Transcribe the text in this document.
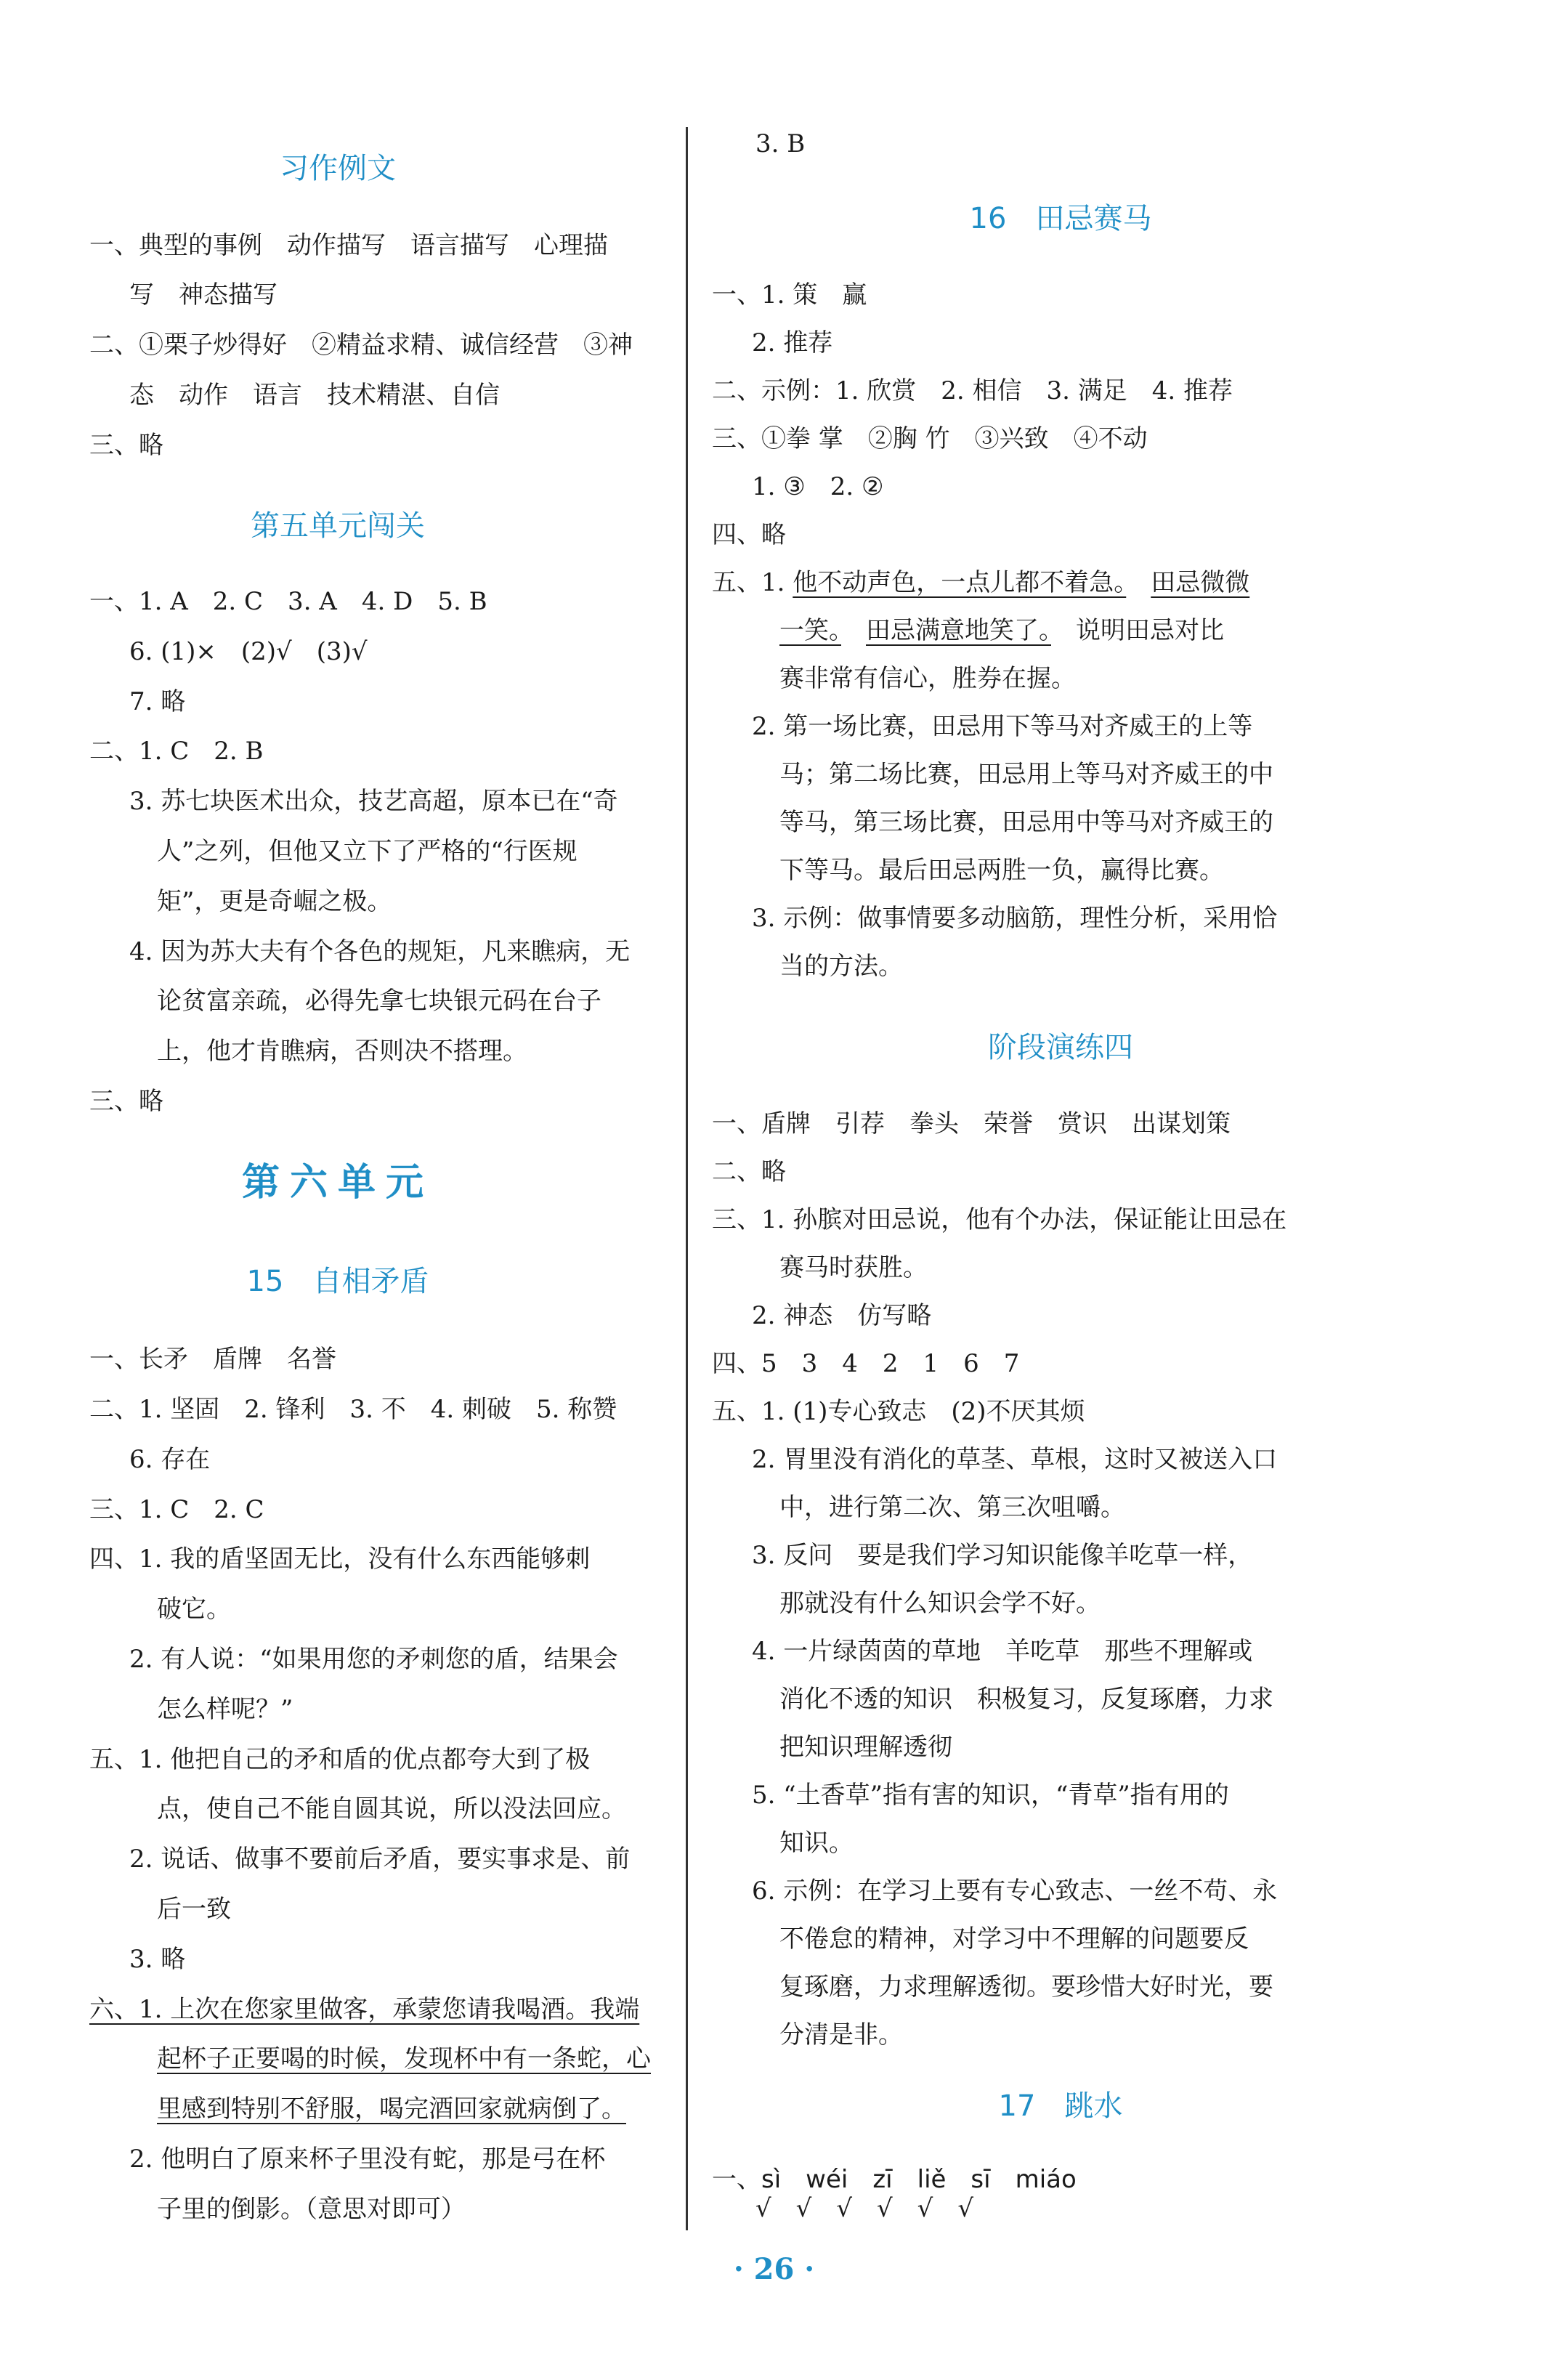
习作例文
一、典型的事例　动作描写　语言描写　心理描
写　神态描写
二、①栗子炒得好　②精益求精、诚信经营　③神
态　动作　语言　技术精湛、自信
三、略
第五单元闯关
一、1. A　2. C　3. A　4. D　5. B
6. (1)×　(2)√　(3)√
7. 略
二、1. C　2. B
3. 苏七块医术出众，技艺高超，原本已在“奇
人”之列，但他又立下了严格的“行医规
矩”，更是奇崛之极。
4. 因为苏大夫有个各色的规矩，凡来瞧病，无
论贫富亲疏，必得先拿七块银元码在台子
上，他才肯瞧病，否则决不搭理。
三、略
第六单元
15　自相矛盾
一、长矛　盾牌　名誉
二、1. 坚固　2. 锋利　3. 不　4. 刺破　5. 称赞
6. 存在
三、1. C　2. C
四、1. 我的盾坚固无比，没有什么东西能够刺
破它。
2. 有人说：“如果用您的矛刺您的盾，结果会
怎么样呢？”
五、1. 他把自己的矛和盾的优点都夸大到了极
点，使自己不能自圆其说，所以没法回应。
2. 说话、做事不要前后矛盾，要实事求是、前
后一致
3. 略
六、1. 上次在您家里做客，承蒙您请我喝酒。我端
起杯子正要喝的时候，发现杯中有一条蛇，心
里感到特别不舒服，喝完酒回家就病倒了。
2. 他明白了原来杯子里没有蛇，那是弓在杯
子里的倒影。（意思对即可）
3. B
16　田忌赛马
一、1. 策　赢
2. 推荐
二、示例：1. 欣赏　2. 相信　3. 满足　4. 推荐
三、①拳 掌　②胸 竹　③兴致　④不动
1. ③　2. ②
四、略
五、1. 他不动声色，一点儿都不着急。　 田忌微微
一笑。　 田忌满意地笑了。　说明田忌对比
赛非常有信心，胜券在握。
2. 第一场比赛，田忌用下等马对齐威王的上等
马；第二场比赛，田忌用上等马对齐威王的中
等马，第三场比赛，田忌用中等马对齐威王的
下等马。最后田忌两胜一负，赢得比赛。
3. 示例：做事情要多动脑筋，理性分析，采用恰
当的方法。
阶段演练四
一、盾牌　引荐　拳头　荣誉　赏识　出谋划策
二、略
三、1. 孙膑对田忌说，他有个办法，保证能让田忌在
赛马时获胜。
2. 神态　仿写略
四、5　3　4　2　1　6　7
五、1. (1)专心致志　(2)不厌其烦
2. 胃里没有消化的草茎、草根，这时又被送入口
中，进行第二次、第三次咀嚼。
3. 反问　要是我们学习知识能像羊吃草一样，
那就没有什么知识会学不好。
4. 一片绿茵茵的草地　羊吃草　那些不理解或
消化不透的知识　积极复习，反复琢磨，力求
把知识理解透彻
5. “土香草”指有害的知识，“青草”指有用的
知识。
6. 示例：在学习上要有专心致志、一丝不苟、永
不倦怠的精神，对学习中不理解的问题要反
复琢磨，力求理解透彻。要珍惜大好时光，要
分清是非。
17　跳水
一、sì　wéi　zī　liě　sī　miáo
√　√　√　√　√　√
· 26 ·
